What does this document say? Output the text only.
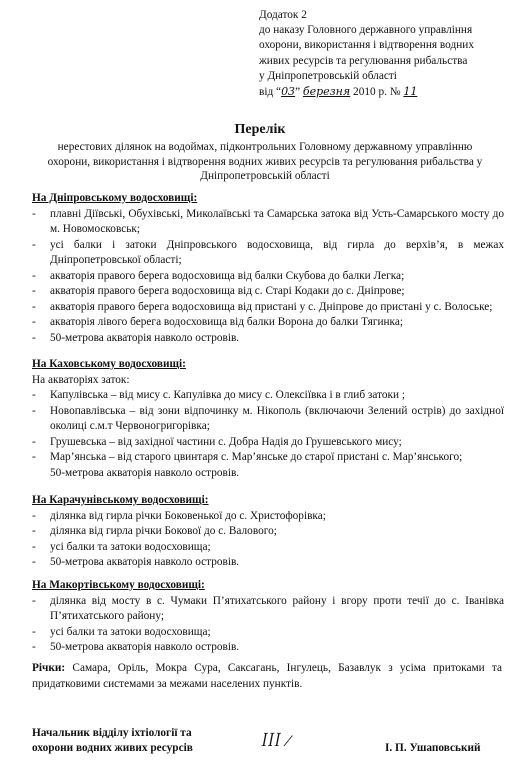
Додаток 2
до наказу Головного державного управління
охорони, використання і відтворення водних
живих ресурсів та регулювання рибальства
у Дніпропетровській області
від “03” березня 2010 р. № 11
Перелік
нерестових ділянок на водоймах, підконтрольних Головному державному управлінню охорони, використання і відтворення водних живих ресурсів та регулювання рибальства у Дніпропетровській області
На Дніпровському водосховищі:
- плавні Діївські, Обухівські, Миколаївські та Самарська затока від Усть-Самарського мосту до м. Новомосковськ;
- усі балки і затоки Дніпровського водосховища, від гирла до верхів’я, в межах Дніпропетровської області;
- акваторія правого берега водосховища від балки Скубова до балки Легка;
- акваторія правого берега водосховища від с. Старі Кодаки до с. Дніпрове;
- акваторія правого берега водосховища від пристані у с. Дніпрове до пристані у с. Волоське;
- акваторія лівого берега водосховища від балки Ворона до балки Тягинка;
- 50-метрова акваторія навколо островів.
На Каховському водосховищі:
На акваторіях заток:
- Капулівська – від мису с. Капулівка до мису с. Олексіївка і в глиб затоки ;
- Новопавлівська – від зони відпочинку м. Нікополь (включаючи Зелений острів) до західної околиці с.м.т Червоногригорівка;
- Грушевська – від західної частини с. Добра Надія до Грушевського мису;
- Мар’янська – від старого цвинтаря с. Мар’янське до старої пристані с. Мар’янського;
50-метрова акваторія навколо островів.
На Карачунівському водосховищі:
- ділянка від гирла річки Боковенької до с. Христофорівка;
- ділянка від гирла річки Бокової до с. Валового;
- усі балки та затоки водосховища;
- 50-метрова акваторія навколо островів.
На Макортівському водосховищі:
- ділянка від мосту в с. Чумаки П’ятихатського району і вгору проти течії до с. Іванівка П’ятихатського району;
- усі балки та затоки водосховища;
- 50-метрова акваторія навколо островів.
Річки: Самара, Оріль, Мокра Сура, Саксагань, Інгулець, Базавлук з усіма притоками та придатковими системами за межами населених пунктів.
Начальник відділу іхтіології та
охорони водних живих ресурсів	ꟾꟾꟾ ⁄	І. П. Ушаповський
